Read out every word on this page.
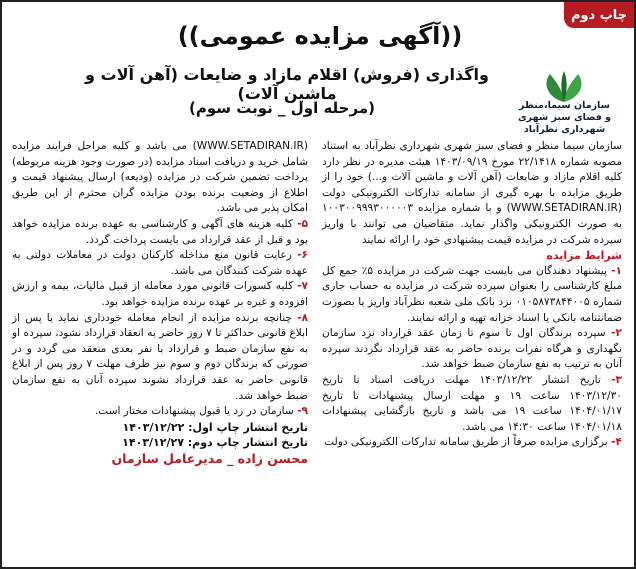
چاپ دوم
((آگهی مزایده عمومی))
واگذاری (فروش) اقلام مازاد و ضایعات (آهن آلات و ماشین آلات)
(مرحله اول _ نوبت سوم)	سازمان سیما،منظر و فضای سبز شهری
شهرداری نظرآباد

سازمان سیما منظر و فضای سبز شهری شهرداری نظرآباد به استناد مصوبه شماره ۲۲/۱۴۱۸ مورخ ۱۴۰۳/۰۹/۱۹ هیئت مدیره در نظر دارد کلیه اقلام مازاد و ضایعات (آهن آلات و ماشین آلات و...) خود را از طریق مزایده با بهره گیری از سامانه تدارکات الکترونیکی دولت (WWW.SETADIRAN.IR) و با شماره مزایده ۱۰۰۳۰۰۹۹۹۳۰۰۰۰۰۳ به صورت الکترونیکی واگذار نماید. متقاضیان می توانند با واریز سپرده شرکت در مزایده قیمت پیشنهادی خود را ارائه نمایند

شرایط مزایده

۱- پیشنهاد دهندگان می بایست جهت شرکت در مزایده ۵٪ جمع کل مبلغ کارشناسی را بعنوان سپرده شرکت در مزایده به حساب جاری شماره ۰۱۰۵۸۷۳۸۴۴۰۰۵ نزد بانک ملی شعبه نظرآباد واریز یا بصورت ضمانتنامه بانکی یا اسناد خزانه تهیه و ارائه نمایند.

۲- سپرده برندگان اول تا سوم تا زمان عقد قرارداد نزد سازمان نگهداری و هرگاه نفرات برنده حاضر به عقد قرارداد نگردند سپرده آنان به ترتیب به نفع سازمان ضبط خواهد شد.

۳- تاریخ انتشار ۱۴۰۳/۱۲/۲۲ مهلت دریافت اسناد تا تاریخ ۱۴۰۳/۱۲/۳۰ ساعت ۱۹ و مهلت ارسال پیشنهادات تا تاریخ ۱۴۰۴/۰۱/۱۷ ساعت ۱۹ می باشد و تاریخ بازگشایی پیشنهادات ۱۴۰۴/۰۱/۱۸ ساعت ۱۴:۳۰ می باشد.

۴- برگزاری مزایده صرفاً از طریق سامانه تدارکات الکترونیکی دولت

(WWW.SETADIRAN.IR) می باشد و کلیه مراحل فرایند مزایده شامل خرید و دریافت اسناد مزایده (در صورت وجود هزینه مربوطه) پرداخت تضمین شرکت در مزایده (ودیعه) ارسال پیشنهاد قیمت و اطلاع از وضعیت برنده بودن مزایده گران محترم از این طریق امکان پذیر می باشد.

۵- کلیه هزینه های آگهی و کارشناسی به عهده برنده مزایده خواهد بود و قبل از عقد قرارداد می بایست پرداخت گردد.

۶- رعایت قانون منع مداخله کارکنان دولت در معاملات دولتی به عهده شرکت کنندگان می باشد.

۷- کلیه کسورات قانونی مورد معامله از قبیل مالیات، بیمه و ارزش افزوده و غیره بر عهده برنده مزایده خواهد بود.

۸- چنانچه برنده مزایده از انجام معامله خودداری نماید یا پس از ابلاغ قانونی حداکثر تا ۷ روز حاضر به انعقاد قرارداد نشود، سپرده او به نفع سازمان ضبط و قرارداد با نفر بعدی منعقد می گردد و در صورتی که برندگان دوم و سوم نیز ظرف مهلت ۷ روز پس از ابلاغ قانونی حاضر به عقد قرارداد نشوند سپرده آنان به نفع سازمان ضبط خواهد شد.

۹- سازمان در رد یا قبول پیشنهادات مختار است.

تاریخ انتشار چاپ اول: ۱۴۰۳/۱۲/۲۲

تاریخ انتشار چاپ دوم: ۱۴۰۳/۱۲/۲۷

محسن زاده _ مدیرعامل سازمان
